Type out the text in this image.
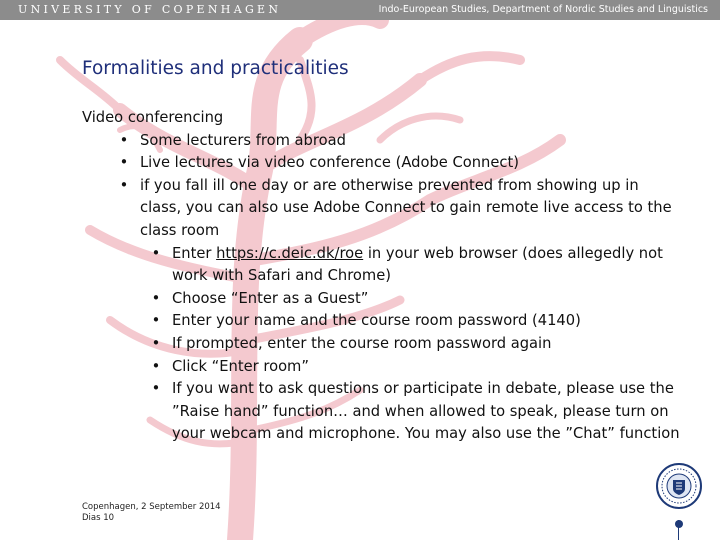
UNIVERSITY OF COPENHAGEN	Indo-European Studies, Department of Nordic Studies and Linguistics
Formalities and practicalities
Video conferencing
• Some lecturers from abroad
• Live lectures via video conference (Adobe Connect)
• if you fall ill one day or are otherwise prevented from showing up in class, you can also use Adobe Connect to gain remote live access to the class room
• Enter https://c.deic.dk/roe in your web browser (does allegedly not work with Safari and Chrome)
• Choose “Enter as a Guest”
• Enter your name and the course room password (4140)
• If prompted, enter the course room password again
• Click “Enter room”
• If you want to ask questions or participate in debate, please use the ”Raise hand” function… and when allowed to speak, please turn on your webcam and microphone. You may also use the ”Chat” function
Copenhagen, 2 September 2014
Dias 10
